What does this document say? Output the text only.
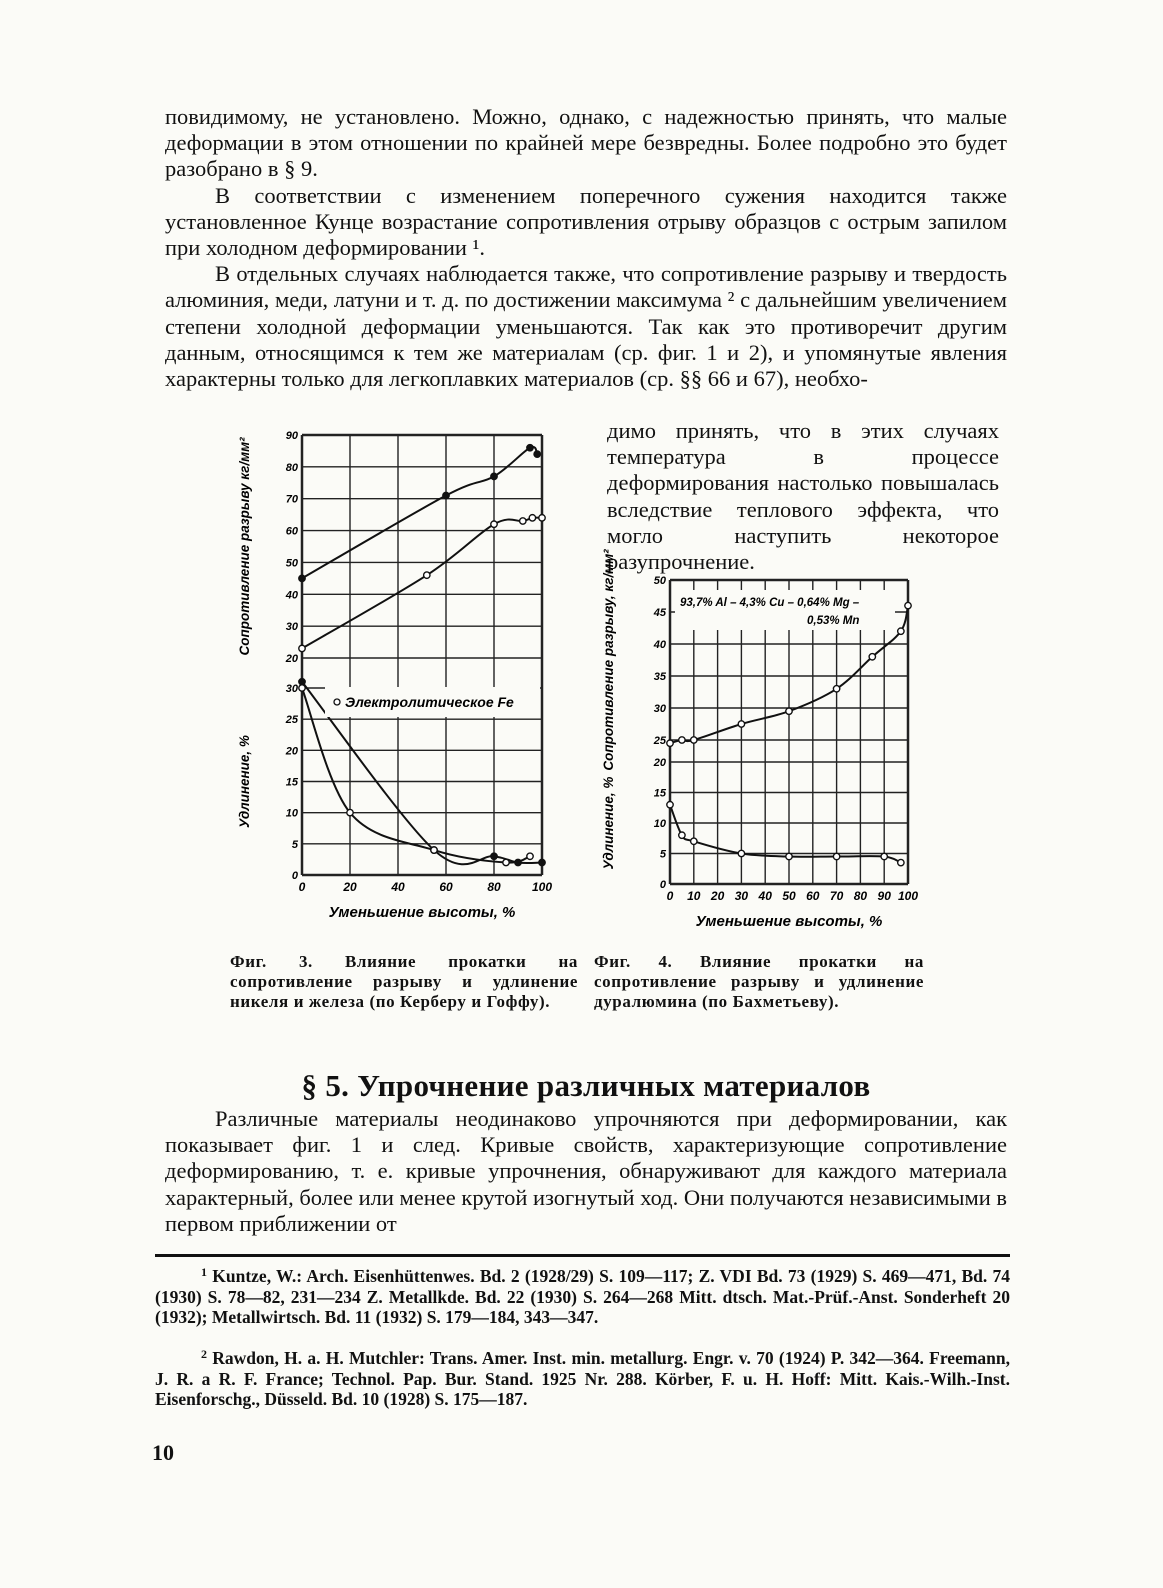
повидимому, не установлено. Можно, однако, с надежностью принять, что малые деформации в этом отношении по крайней мере безвредны. Более подробно это будет разобрано в § 9.

В соответствии с изменением поперечного сужения находится также установленное Кунце возрастание сопротивления отрыву образцов с острым запилом при холодном деформировании ¹.

В отдельных случаях наблюдается также, что сопротивление разрыву и твердость алюминия, меди, латуни и т. д. по достижении максимума ² с дальнейшим увеличением степени холодной деформации уменьшаются. Так как это противоречит другим данным, относящимся к тем же материалам (ср. фиг. 1 и 2), и упомянутые явления характерны только для легкоплавких материалов (ср. §§ 66 и 67), необхо-

димо принять, что в этих случаях температура в процессе деформирования настолько повышалась вследствие теплового эффекта, что могло наступить некоторое разупрочнение.

0	20	40	60	80	100
20
30
40
50
60
70
80
90
5
10
15
20
25
30
0
Уменьшение высоты, %
Сопротивление разрыву кг/мм²
Удлинение, %
Электролитическое Fe
Фиг. 3. Влияние прокатки на сопротивление разрыву и удлинение никеля и железа (по Керберу и Гоффу).
0 10 20 30 40 50 60 70 80 90 100
25
30
35
40
45
50
5
10
15
20
0
Уменьшение высоты, %
Сопротивление разрыву, кг/мм²
Удлинение, %
93,7% Al – 4,3% Cu – 0,64% Mg –
0,53% Mn
Фиг. 4. Влияние прокатки на сопротивление разрыву и удлинение дуралюмина (по Бахметьеву).
§ 5. Упрочнение различных материалов

Различные материалы неодинаково упрочняются при деформировании, как показывает фиг. 1 и след. Кривые свойств, характеризующие сопротивление деформированию, т. е. кривые упрочнения, обнаруживают для каждого материала характерный, более или менее крутой изогнутый ход. Они получаются независимыми в первом приближении от

$^1$ Kuntze, W.: Arch. Eisenhüttenwes. Bd. 2 (1928/29) S. 109—117; Z. VDI Bd. 73 (1929) S. 469—471, Bd. 74 (1930) S. 78—82, 231—234 Z. Metallkde. Bd. 22 (1930) S. 264—268 Mitt. dtsch. Mat.-Prüf.-Anst. Sonderheft 20 (1932); Metallwirtsch. Bd. 11 (1932) S. 179—184, 343—347.
$^2$ Rawdon, H. a. H. Mutchler: Trans. Amer. Inst. min. metallurg. Engr. v. 70 (1924) P. 342—364. Freemann, J. R. a R. F. France; Technol. Pap. Bur. Stand. 1925 Nr. 288. Körber, F. u. H. Hoff: Mitt. Kais.-Wilh.-Inst. Eisenforschg., Düsseld. Bd. 10 (1928) S. 175—187.
10
